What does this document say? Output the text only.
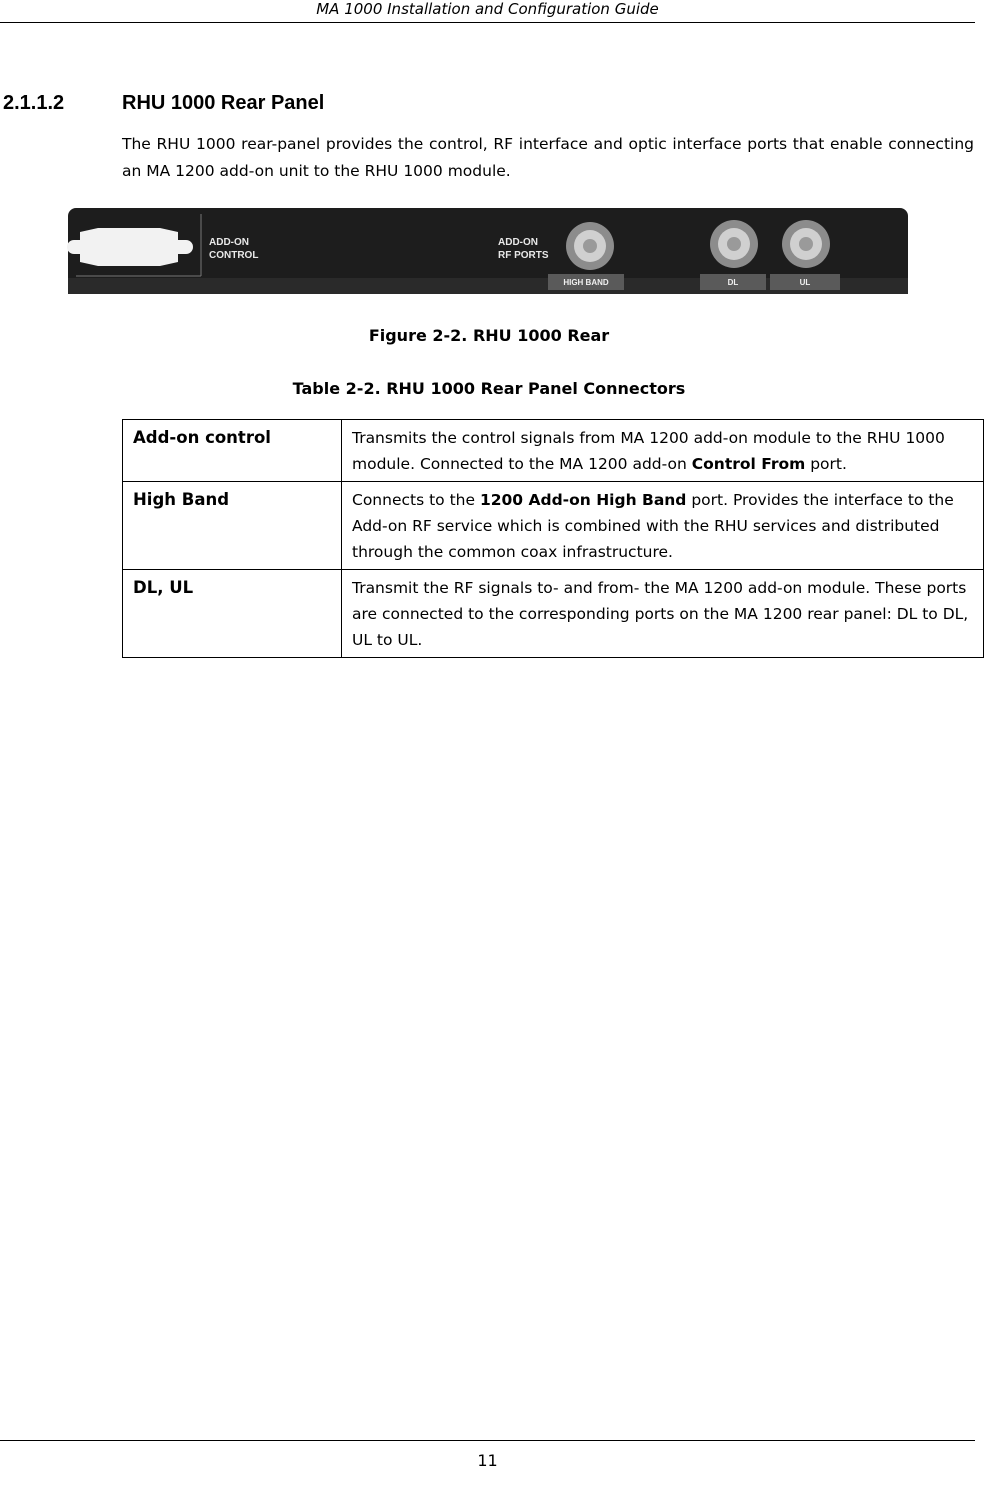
MA 1000 Installation and Configuration Guide
2.1.1.2	RHU 1000 Rear Panel
The RHU 1000 rear-panel provides the control, RF interface and optic interface ports that enable connecting an MA 1200 add-on unit to the RHU 1000 module.
ADD-ON
CONTROL
ADD-ON
RF PORTS
HIGH BAND	DL	UL
Figure 2-2. RHU 1000 Rear
Table 2-2. RHU 1000 Rear Panel Connectors
Add-on control	Transmits the control signals from MA 1200 add-on module to the RHU 1000 module. Connected to the MA 1200 add-on Control From port.
High Band	Connects to the 1200 Add-on High Band port. Provides the interface to the Add-on RF service which is combined with the RHU services and distributed through the common coax infrastructure.
DL, UL	Transmit the RF signals to- and from- the MA 1200 add-on module. These ports are connected to the corresponding ports on the MA 1200 rear panel: DL to DL, UL to UL.
11
